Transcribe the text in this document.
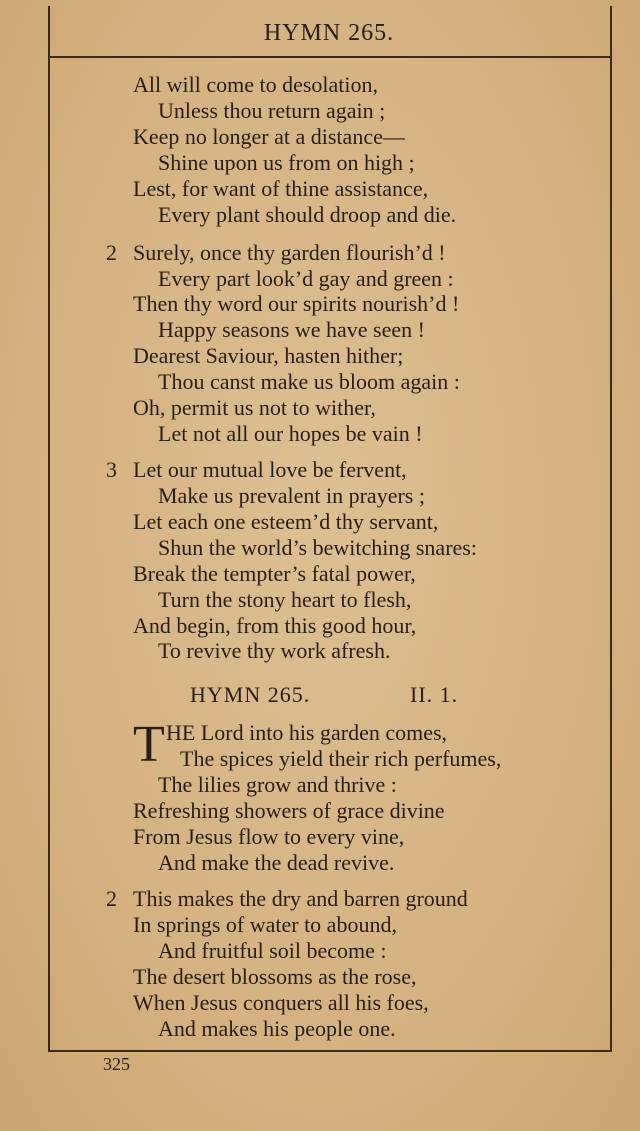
HYMN 265.
All will come to desolation,
Unless thou return again ;
Keep no longer at a distance—
Shine upon us from on high ;
Lest, for want of thine assistance,
Every plant should droop and die.
2 Surely, once thy garden flourish’d !
Every part look’d gay and green :
Then thy word our spirits nourish’d !
Happy seasons we have seen !
Dearest Saviour, hasten hither;
Thou canst make us bloom again :
Oh, permit us not to wither,
Let not all our hopes be vain !
3 Let our mutual love be fervent,
Make us prevalent in prayers ;
Let each one esteem’d thy servant,
Shun the world’s bewitching snares:
Break the tempter’s fatal power,
Turn the stony heart to flesh,
And begin, from this good hour,
To revive thy work afresh.
HYMN 265.	II. 1.
T HE Lord into his garden comes,
The spices yield their rich perfumes,
The lilies grow and thrive :
Refreshing showers of grace divine
From Jesus flow to every vine,
And make the dead revive.
2 This makes the dry and barren ground
In springs of water to abound,
And fruitful soil become :
The desert blossoms as the rose,
When Jesus conquers all his foes,
And makes his people one.
325
